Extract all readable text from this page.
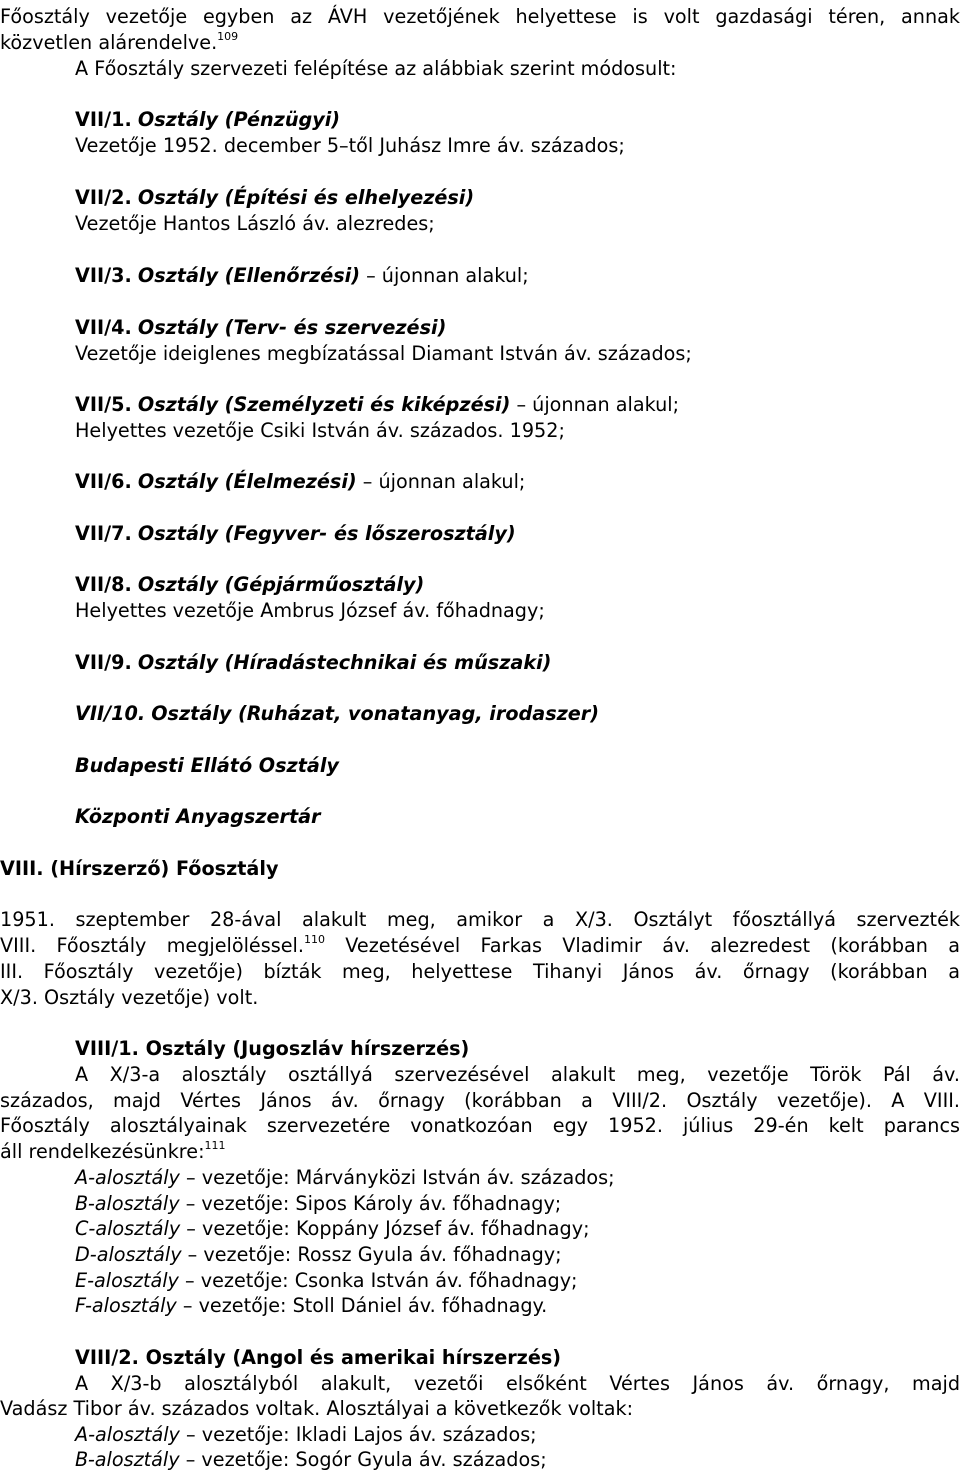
Főosztály vezetője egyben az ÁVH vezetőjének helyettese is volt gazdasági téren, annak
közvetlen alárendelve.$^{109}$
A Főosztály szervezeti felépítése az alábbiak szerint módosult:
VII/1. Osztály (Pénzügyi)
Vezetője 1952. december 5–től Juhász Imre áv. százados;
VII/2. Osztály (Építési és elhelyezési)
Vezetője Hantos László áv. alezredes;
VII/3. Osztály (Ellenőrzési) – újonnan alakul;
VII/4. Osztály (Terv- és szervezési)
Vezetője ideiglenes megbízatással Diamant István áv. százados;
VII/5. Osztály (Személyzeti és kiképzési) – újonnan alakul;
Helyettes vezetője Csiki István áv. százados. 1952;
VII/6. Osztály (Élelmezési) – újonnan alakul;
VII/7. Osztály (Fegyver- és lőszerosztály)
VII/8. Osztály (Gépjárműosztály)
Helyettes vezetője Ambrus József áv. főhadnagy;
VII/9. Osztály (Híradástechnikai és műszaki)
VII/10. Osztály (Ruházat, vonatanyag, irodaszer)
Budapesti Ellátó Osztály
Központi Anyagszertár
VIII. (Hírszerző) Főosztály
1951. szeptember 28-ával alakult meg, amikor a X/3. Osztályt főosztállyá szervezték
VIII. Főosztály megjelöléssel.$^{110}$ Vezetésével Farkas Vladimir áv. alezredest (korábban a
III. Főosztály vezetője) bízták meg, helyettese Tihanyi János áv. őrnagy (korábban a
X/3. Osztály vezetője) volt.
VIII/1. Osztály (Jugoszláv hírszerzés)
A X/3-a alosztály osztállyá szervezésével alakult meg, vezetője Török Pál áv.
százados, majd Vértes János áv. őrnagy (korábban a VIII/2. Osztály vezetője). A VIII.
Főosztály alosztályainak szervezetére vonatkozóan egy 1952. július 29-én kelt parancs
áll rendelkezésünkre:$^{111}$
A-alosztály – vezetője: Márványközi István áv. százados;
B-alosztály – vezetője: Sipos Károly áv. főhadnagy;
C-alosztály – vezetője: Koppány József áv. főhadnagy;
D-alosztály – vezetője: Rossz Gyula áv. főhadnagy;
E-alosztály – vezetője: Csonka István áv. főhadnagy;
F-alosztály – vezetője: Stoll Dániel áv. főhadnagy.
VIII/2. Osztály (Angol és amerikai hírszerzés)
A X/3-b alosztályból alakult, vezetői elsőként Vértes János áv. őrnagy, majd
Vadász Tibor áv. százados voltak. Alosztályai a következők voltak:
A-alosztály – vezetője: Ikladi Lajos áv. százados;
B-alosztály – vezetője: Sogór Gyula áv. százados;
